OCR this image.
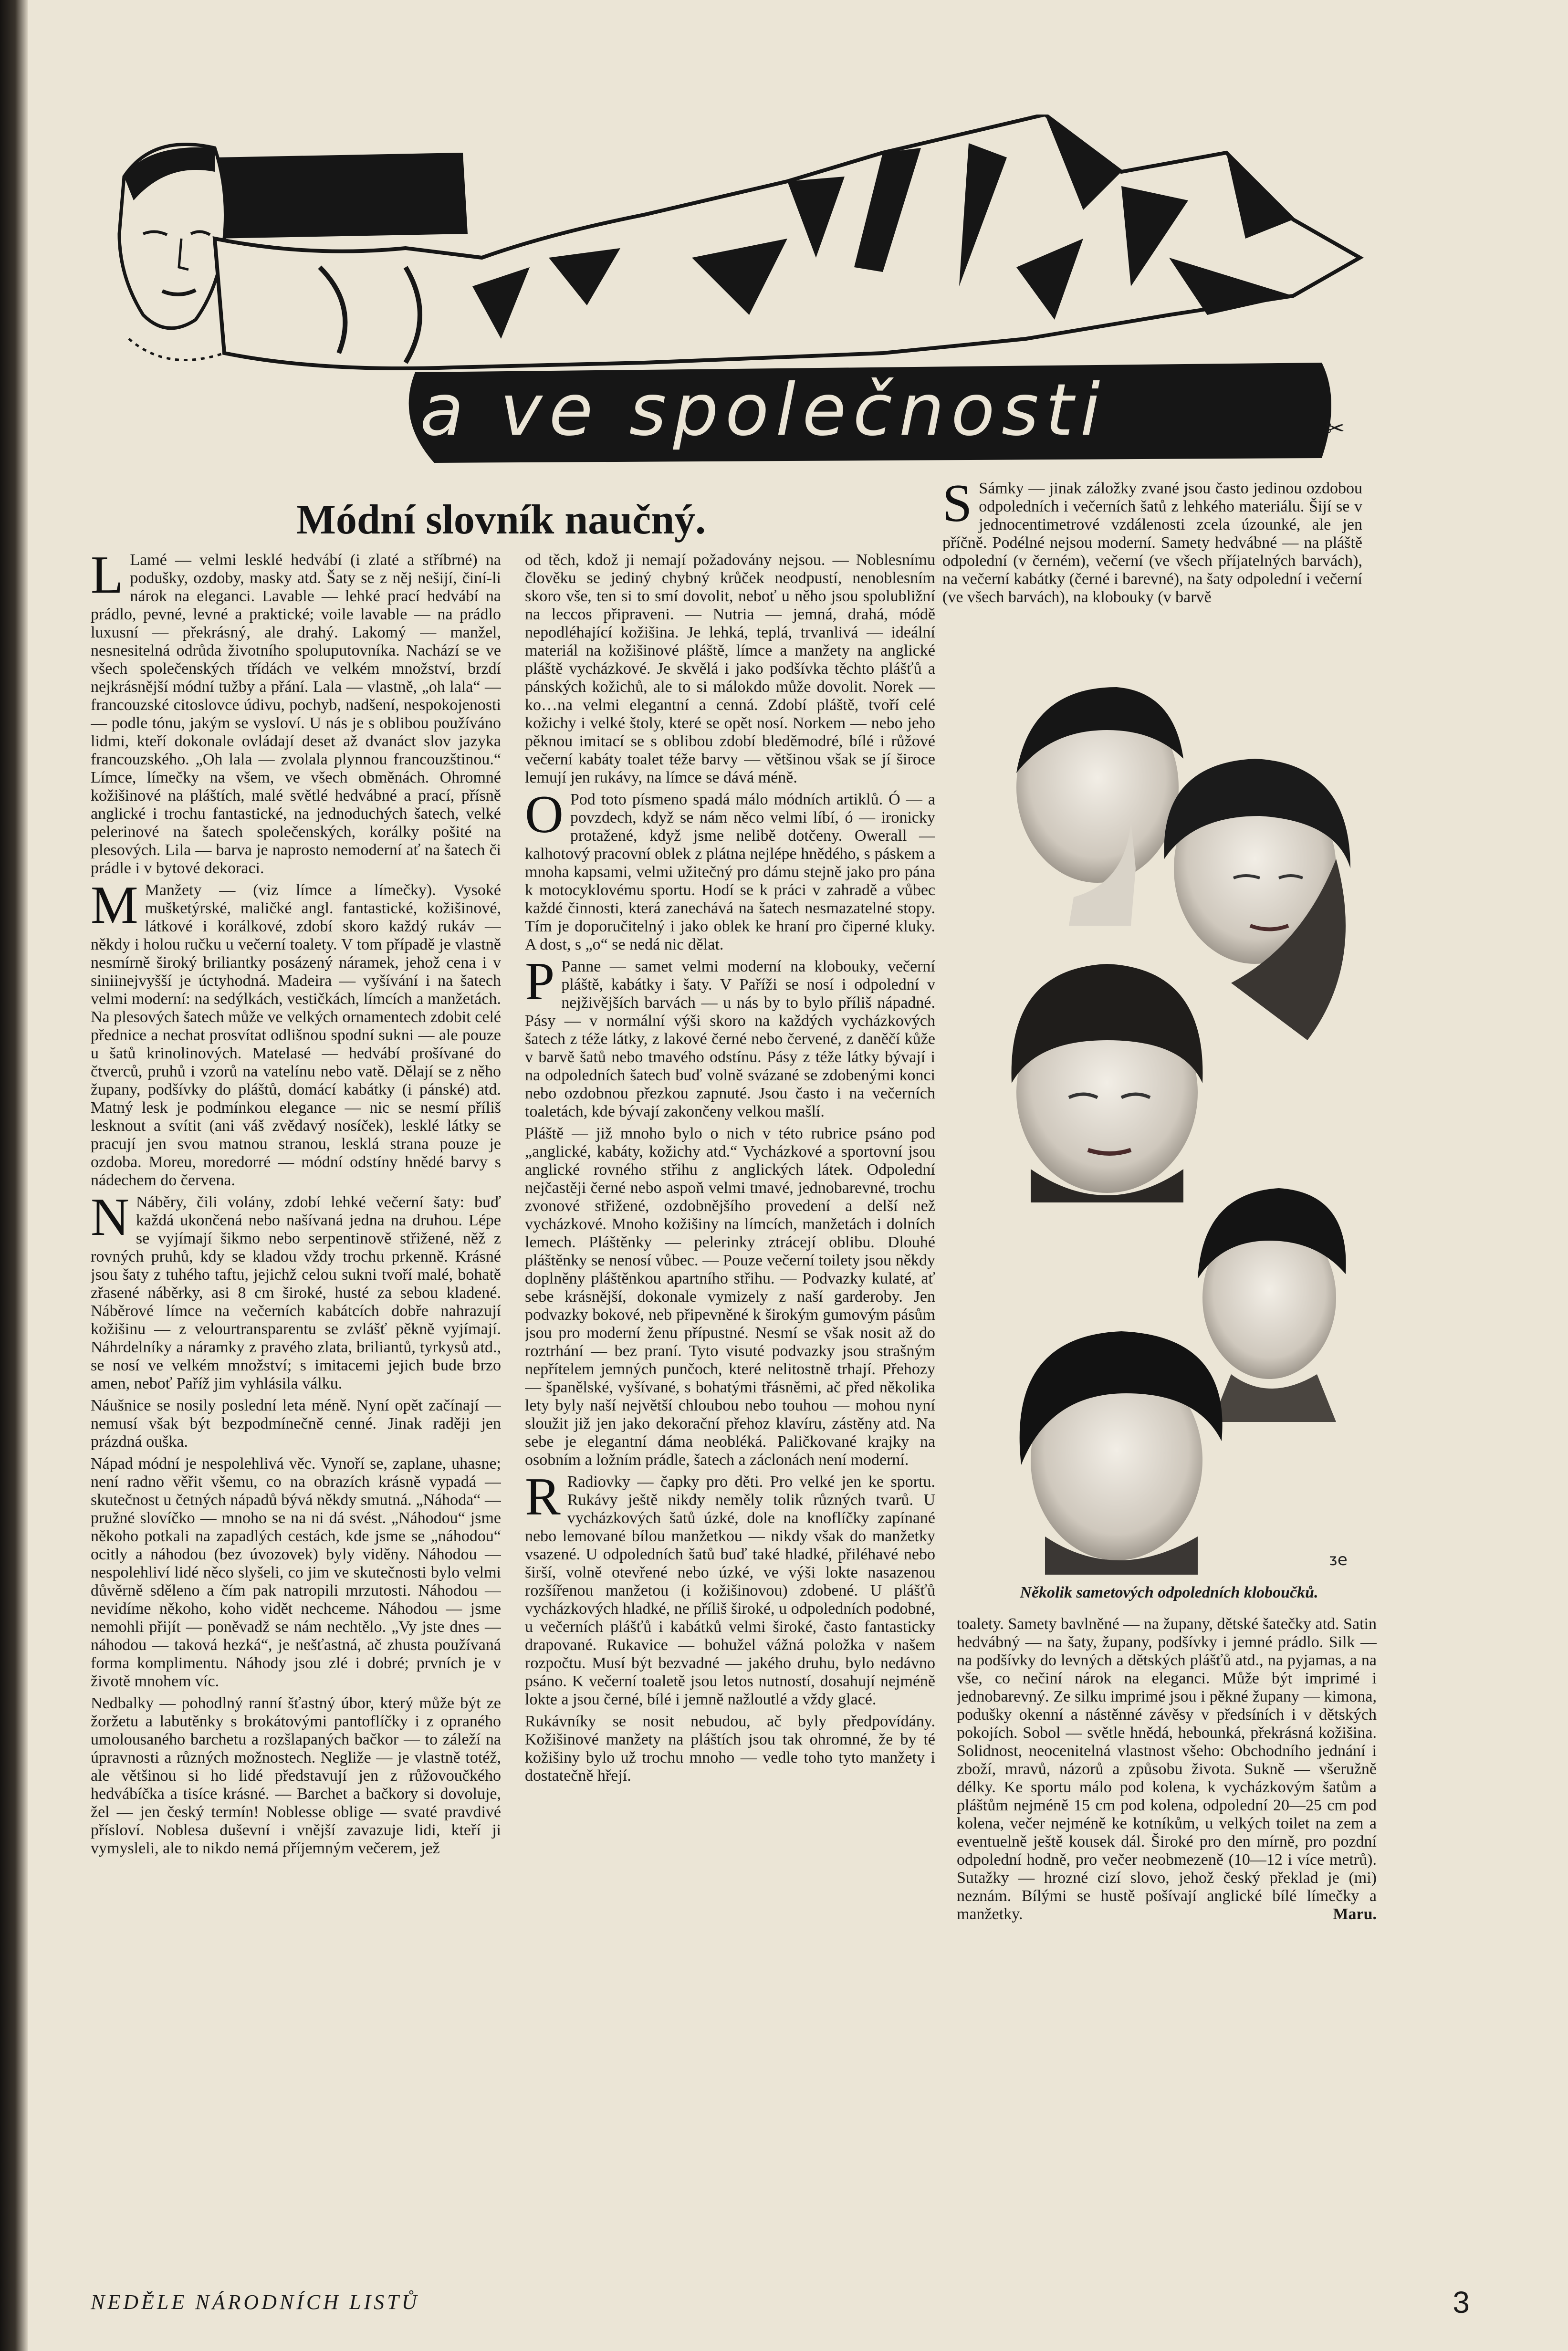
Doma
a ve společnosti	✂
Módní slovník naučný.

L Lamé — velmi lesklé hedvábí (i zlaté a stříbrné) na podušky, ozdoby, masky atd. Šaty se z něj nešijí, činí-li nárok na eleganci. Lavable — lehké prací hedvábí na prádlo, pevné, levné a praktické; voile lavable — na prádlo luxusní — překrásný, ale drahý. Lakomý — manžel, nesnesitelná odrůda životního spoluputovníka. Nachází se ve všech společenských třídách ve velkém množství, brzdí nejkrásnější módní tužby a přání. Lala — vlastně, „oh lala“ — francouzské citoslovce údivu, pochyb, nadšení, nespokojenosti — podle tónu, jakým se vysloví. U nás je s oblibou používáno lidmi, kteří dokonale ovládají deset až dvanáct slov jazyka francouzského. „Oh lala — zvolala plynnou francouzštinou.“ Límce, límečky na všem, ve všech obměnách. Ohromné kožišinové na pláštích, malé světlé hedvábné a prací, přísně anglické i trochu fantastické, na jednoduchých šatech, velké pelerinové na šatech společenských, korálky pošité na plesových. Lila — barva je naprosto nemoderní ať na šatech či prádle i v bytové dekoraci.

M Manžety — (viz límce a límečky). Vysoké mušketýrské, maličké angl. fantastické, kožišinové, látkové i korálkové, zdobí skoro každý rukáv — někdy i holou ručku u večerní toalety. V tom případě je vlastně nesmírně široký briliantky posázený náramek, jehož cena i v siniinejvyšší je úctyhodná. Madeira — vyšívání i na šatech velmi moderní: na sedýlkách, vestičkách, límcích a manžetách. Na plesových šatech může ve velkých ornamentech zdobit celé přednice a nechat prosvítat odlišnou spodní sukni — ale pouze u šatů krinolinových. Matelasé — hedvábí prošívané do čtverců, pruhů i vzorů na vatelínu nebo vatě. Dělají se z něho župany, podšívky do pláštů, domácí kabátky (i pánské) atd. Matný lesk je podmínkou elegance — nic se nesmí příliš lesknout a svítit (ani váš zvědavý nosíček), lesklé látky se pracují jen svou matnou stranou, lesklá strana pouze je ozdoba. Moreu, moredorré — módní odstíny hnědé barvy s nádechem do červena.

N Náběry, čili volány, zdobí lehké večerní šaty: buď každá ukončená nebo našívaná jedna na druhou. Lépe se vyjímají šikmo nebo serpentinově střižené, něž z rovných pruhů, kdy se kladou vždy trochu prkenně. Krásné jsou šaty z tuhého taftu, jejichž celou sukni tvoří malé, bohatě zřasené náběrky, asi 8 cm široké, husté za sebou kladené. Náběrové límce na večerních kabátcích dobře nahrazují kožišinu — z velourtransparentu se zvlášť pěkně vyjímají. Náhrdelníky a náramky z pravého zlata, briliantů, tyrkysů atd., se nosí ve velkém množství; s imitacemi jejich bude brzo amen, neboť Paříž jim vyhlásila válku.

Náušnice se nosily poslední leta méně. Nyní opět začínají — nemusí však být bezpodmínečně cenné. Jinak raději jen prázdná ouška.

Nápad módní je nespolehlivá věc. Vynoří se, zaplane, uhasne; není radno věřit všemu, co na obrazích krásně vypadá — skutečnost u četných nápadů bývá někdy smutná. „Náhoda“ — pružné slovíčko — mnoho se na ni dá svést. „Náhodou“ jsme někoho potkali na zapadlých cestách, kde jsme se „náhodou“ ocitly a náhodou (bez úvozovek) byly viděny. Náhodou — nespolehliví lidé něco slyšeli, co jim ve skutečnosti bylo velmi důvěrně sděleno a čím pak natropili mrzutosti. Náhodou — nevidíme někoho, koho vidět nechceme. Náhodou — jsme nemohli přijít — poněvadž se nám nechtělo. „Vy jste dnes — náhodou — taková hezká“, je nešťastná, ač zhusta používaná forma komplimentu. Náhody jsou zlé i dobré; prvních je v životě mnohem víc.

Nedbalky — pohodlný ranní šťastný úbor, který může být ze žoržetu a labutěnky s brokátovými pantoflíčky i z opraného umolousaného barchetu a rozšlapaných bačkor — to záleží na úpravnosti a různých možnostech. Negliže — je vlastně totéž, ale většinou si ho lidé představují jen z růžovoučkého hedvábíčka a tisíce krásné. — Barchet a bačkory si dovoluje, žel — jen český termín! Noblesse oblige — svaté pravdivé přísloví. Noblesa duševní i vnější zavazuje lidi, kteří ji vymysleli, ale to nikdo nemá příjemným večerem, jež

od těch, kdož ji nemají požadovány nejsou. — Noblesnímu člověku se jediný chybný krůček neodpustí, nenoblesním skoro vše, ten si to smí dovolit, neboť u něho jsou spolubližní na leccos připraveni. — Nutria — jemná, drahá, módě nepodléhající kožišina. Je lehká, teplá, trvanlivá — ideální materiál na kožišinové pláště, límce a manžety na anglické pláště vycházkové. Je skvělá i jako podšívka těchto plášťů a pánských kožichů, ale to si málokdo může dovolit. Norek — ko…na velmi elegantní a cenná. Zdobí pláště, tvoří celé kožichy i velké štoly, které se opět nosí. Norkem — nebo jeho pěknou imitací se s oblibou zdobí bleděmodré, bílé i růžové večerní kabáty toalet téže barvy — většinou však se jí široce lemují jen rukávy, na límce se dává méně.

O Pod toto písmeno spadá málo módních artiklů. Ó — a povzdech, když se nám něco velmi líbí, ó — ironicky protažené, když jsme nelibě dotčeny. Owerall — kalhotový pracovní oblek z plátna nejlépe hnědého, s páskem a mnoha kapsami, velmi užitečný pro dámu stejně jako pro pána k motocyklovému sportu. Hodí se k práci v zahradě a vůbec každé činnosti, která zanechává na šatech nesmazatelné stopy. Tím je doporučitelný i jako oblek ke hraní pro čiperné kluky. A dost, s „o“ se nedá nic dělat.

P Panne — samet velmi moderní na klobouky, večerní pláště, kabátky i šaty. V Paříži se nosí i odpolední v nejživějších barvách — u nás by to bylo příliš nápadné. Pásy — v normální výši skoro na každých vycházkových šatech z téže látky, z lakové černé nebo červené, z daněčí kůže v barvě šatů nebo tmavého odstínu. Pásy z téže látky bývají i na odpoledních šatech buď volně svázané se zdobenými konci nebo ozdobnou přezkou zapnuté. Jsou často i na večerních toaletách, kde bývají zakončeny velkou mašlí.

Pláště — již mnoho bylo o nich v této rubrice psáno pod „anglické, kabáty, kožichy atd.“ Vycházkové a sportovní jsou anglické rovného střihu z anglických látek. Odpolední nejčastěji černé nebo aspoň velmi tmavé, jednobarevné, trochu zvonové střižené, ozdobnějšího provedení a delší než vycházkové. Mnoho kožišiny na límcích, manžetách i dolních lemech. Pláštěnky — pelerinky ztrácejí oblibu. Dlouhé pláštěnky se nenosí vůbec. — Pouze večerní toilety jsou někdy doplněny pláštěnkou apartního střihu. — Podvazky kulaté, ať sebe krásnější, dokonale vymizely z naší garderoby. Jen podvazky bokové, neb připevněné k širokým gumovým pásům jsou pro moderní ženu přípustné. Nesmí se však nosit až do roztrhání — bez praní. Tyto visuté podvazky jsou strašným nepřítelem jemných punčoch, které nelitostně trhají. Přehozy — španělské, vyšívané, s bohatými třásněmi, ač před několika lety byly naší největší chloubou nebo touhou — mohou nyní sloužit již jen jako dekorační přehoz klavíru, zástěny atd. Na sebe je elegantní dáma neobléká. Paličkované krajky na osobním a ložním prádle, šatech a záclonách není moderní.

R Radiovky — čapky pro děti. Pro velké jen ke sportu. Rukávy ještě nikdy neměly tolik různých tvarů. U vycházkových šatů úzké, dole na knoflíčky zapínané nebo lemované bílou manžetkou — nikdy však do manžetky vsazené. U odpoledních šatů buď také hladké, přiléhavé nebo širší, volně otevřené nebo úzké, ve výši lokte nasazenou rozšířenou manžetou (i kožišinovou) zdobené. U plášťů vycházkových hladké, ne příliš široké, u odpoledních podobné, u večerních plášťů i kabátků velmi široké, často fantasticky drapované. Rukavice — bohužel vážná položka v našem rozpočtu. Musí být bezvadné — jakého druhu, bylo nedávno psáno. K večerní toaletě jsou letos nutností, dosahují nejméně lokte a jsou černé, bílé i jemně nažloutlé a vždy glacé.

Rukávníky se nosit nebudou, ač byly předpovídány. Kožišinové manžety na pláštích jsou tak ohromné, že by té kožišiny bylo už trochu mnoho — vedle toho tyto manžety i dostatečně hřejí.

S Sámky — jinak záložky zvané jsou často jedinou ozdobou odpoledních i večerních šatů z lehkého materiálu. Šijí se v jednocentimetrové vzdálenosti zcela úzounké, ale jen příčně. Podélné nejsou moderní. Samety hedvábné — na pláště odpolední (v černém), večerní (ve všech příjatelných barvách), na večerní kabátky (černé i barevné), na šaty odpolední i večerní (ve všech barvách), na klobouky (v barvě

ᴣe
Několik sametových odpoledních kloboučků.

toalety. Samety bavlněné — na župany, dětské šatečky atd. Satin hedvábný — na šaty, župany, podšívky i jemné prádlo. Silk — na podšívky do levných a dětských plášťů atd., na pyjamas, a na vše, co nečiní nárok na eleganci. Může být imprimé i jednobarevný. Ze silku imprimé jsou i pěkné župany — kimona, podušky okenní a nástěnné závěsy v předsíních i v dětských pokojích. Sobol — světle hnědá, hebounká, překrásná kožišina. Solidnost, neocenitelná vlastnost všeho: Obchodního jednání i zboží, mravů, názorů a způsobu života. Sukně — všeružně délky. Ke sportu málo pod kolena, k vycházkovým šatům a pláštům nejméně 15 cm pod kolena, odpolední 20—25 cm pod kolena, večer nejméně ke kotníkům, u velkých toilet na zem a eventuelně ještě kousek dál. Široké pro den mírně, pro pozdní odpolední hodně, pro večer neobmezeně (10—12 i více metrů). Sutažky — hrozné cizí slovo, jehož český překlad je (mi) neznám. Bílými se hustě pošívají anglické bílé límečky a manžetky.	Maru.

NEDĚLE NÁRODNÍCH LISTŮ	3
